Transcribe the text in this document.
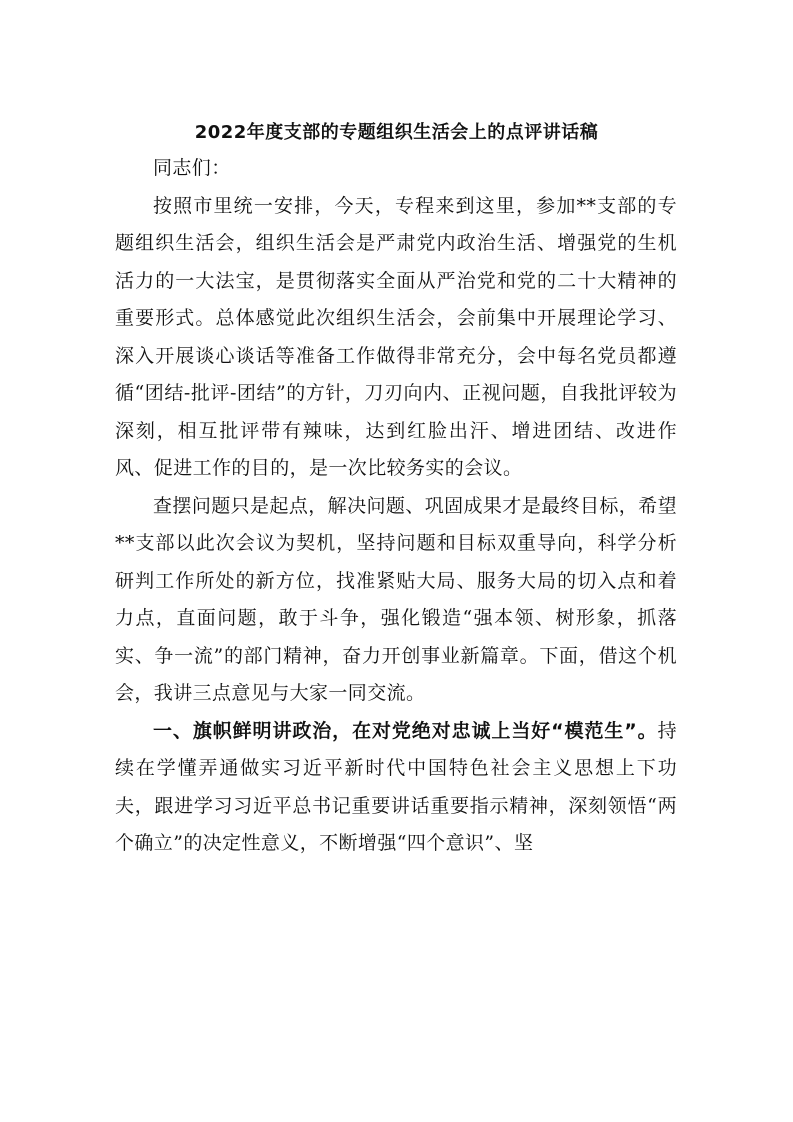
2022年度支部的专题组织生活会上的点评讲话稿

同志们：

按照市里统一安排，今天，专程来到这里，参加**支部的专题组织生活会，组织生活会是严肃党内政治生活、增强党的生机活力的一大法宝，是贯彻落实全面从严治党和党的二十大精神的重要形式。总体感觉此次组织生活会，会前集中开展理论学习、深入开展谈心谈话等准备工作做得非常充分，会中每名党员都遵循“团结-批评-团结”的方针，刀刃向内、正视问题，自我批评较为深刻，相互批评带有辣味，达到红脸出汗、增进团结、改进作风、促进工作的目的，是一次比较务实的会议。

查摆问题只是起点，解决问题、巩固成果才是最终目标，希望**支部以此次会议为契机，坚持问题和目标双重导向，科学分析研判工作所处的新方位，找准紧贴大局、服务大局的切入点和着力点，直面问题，敢于斗争，强化锻造“强本领、树形象，抓落实、争一流”的部门精神，奋力开创事业新篇章。下面，借这个机会，我讲三点意见与大家一同交流。

一、旗帜鲜明讲政治，在对党绝对忠诚上当好“模范生”。持续在学懂弄通做实习近平新时代中国特色社会主义思想上下功夫，跟进学习习近平总书记重要讲话重要指示精神，深刻领悟“两个确立”的决定性意义，不断增强“四个意识”、坚
